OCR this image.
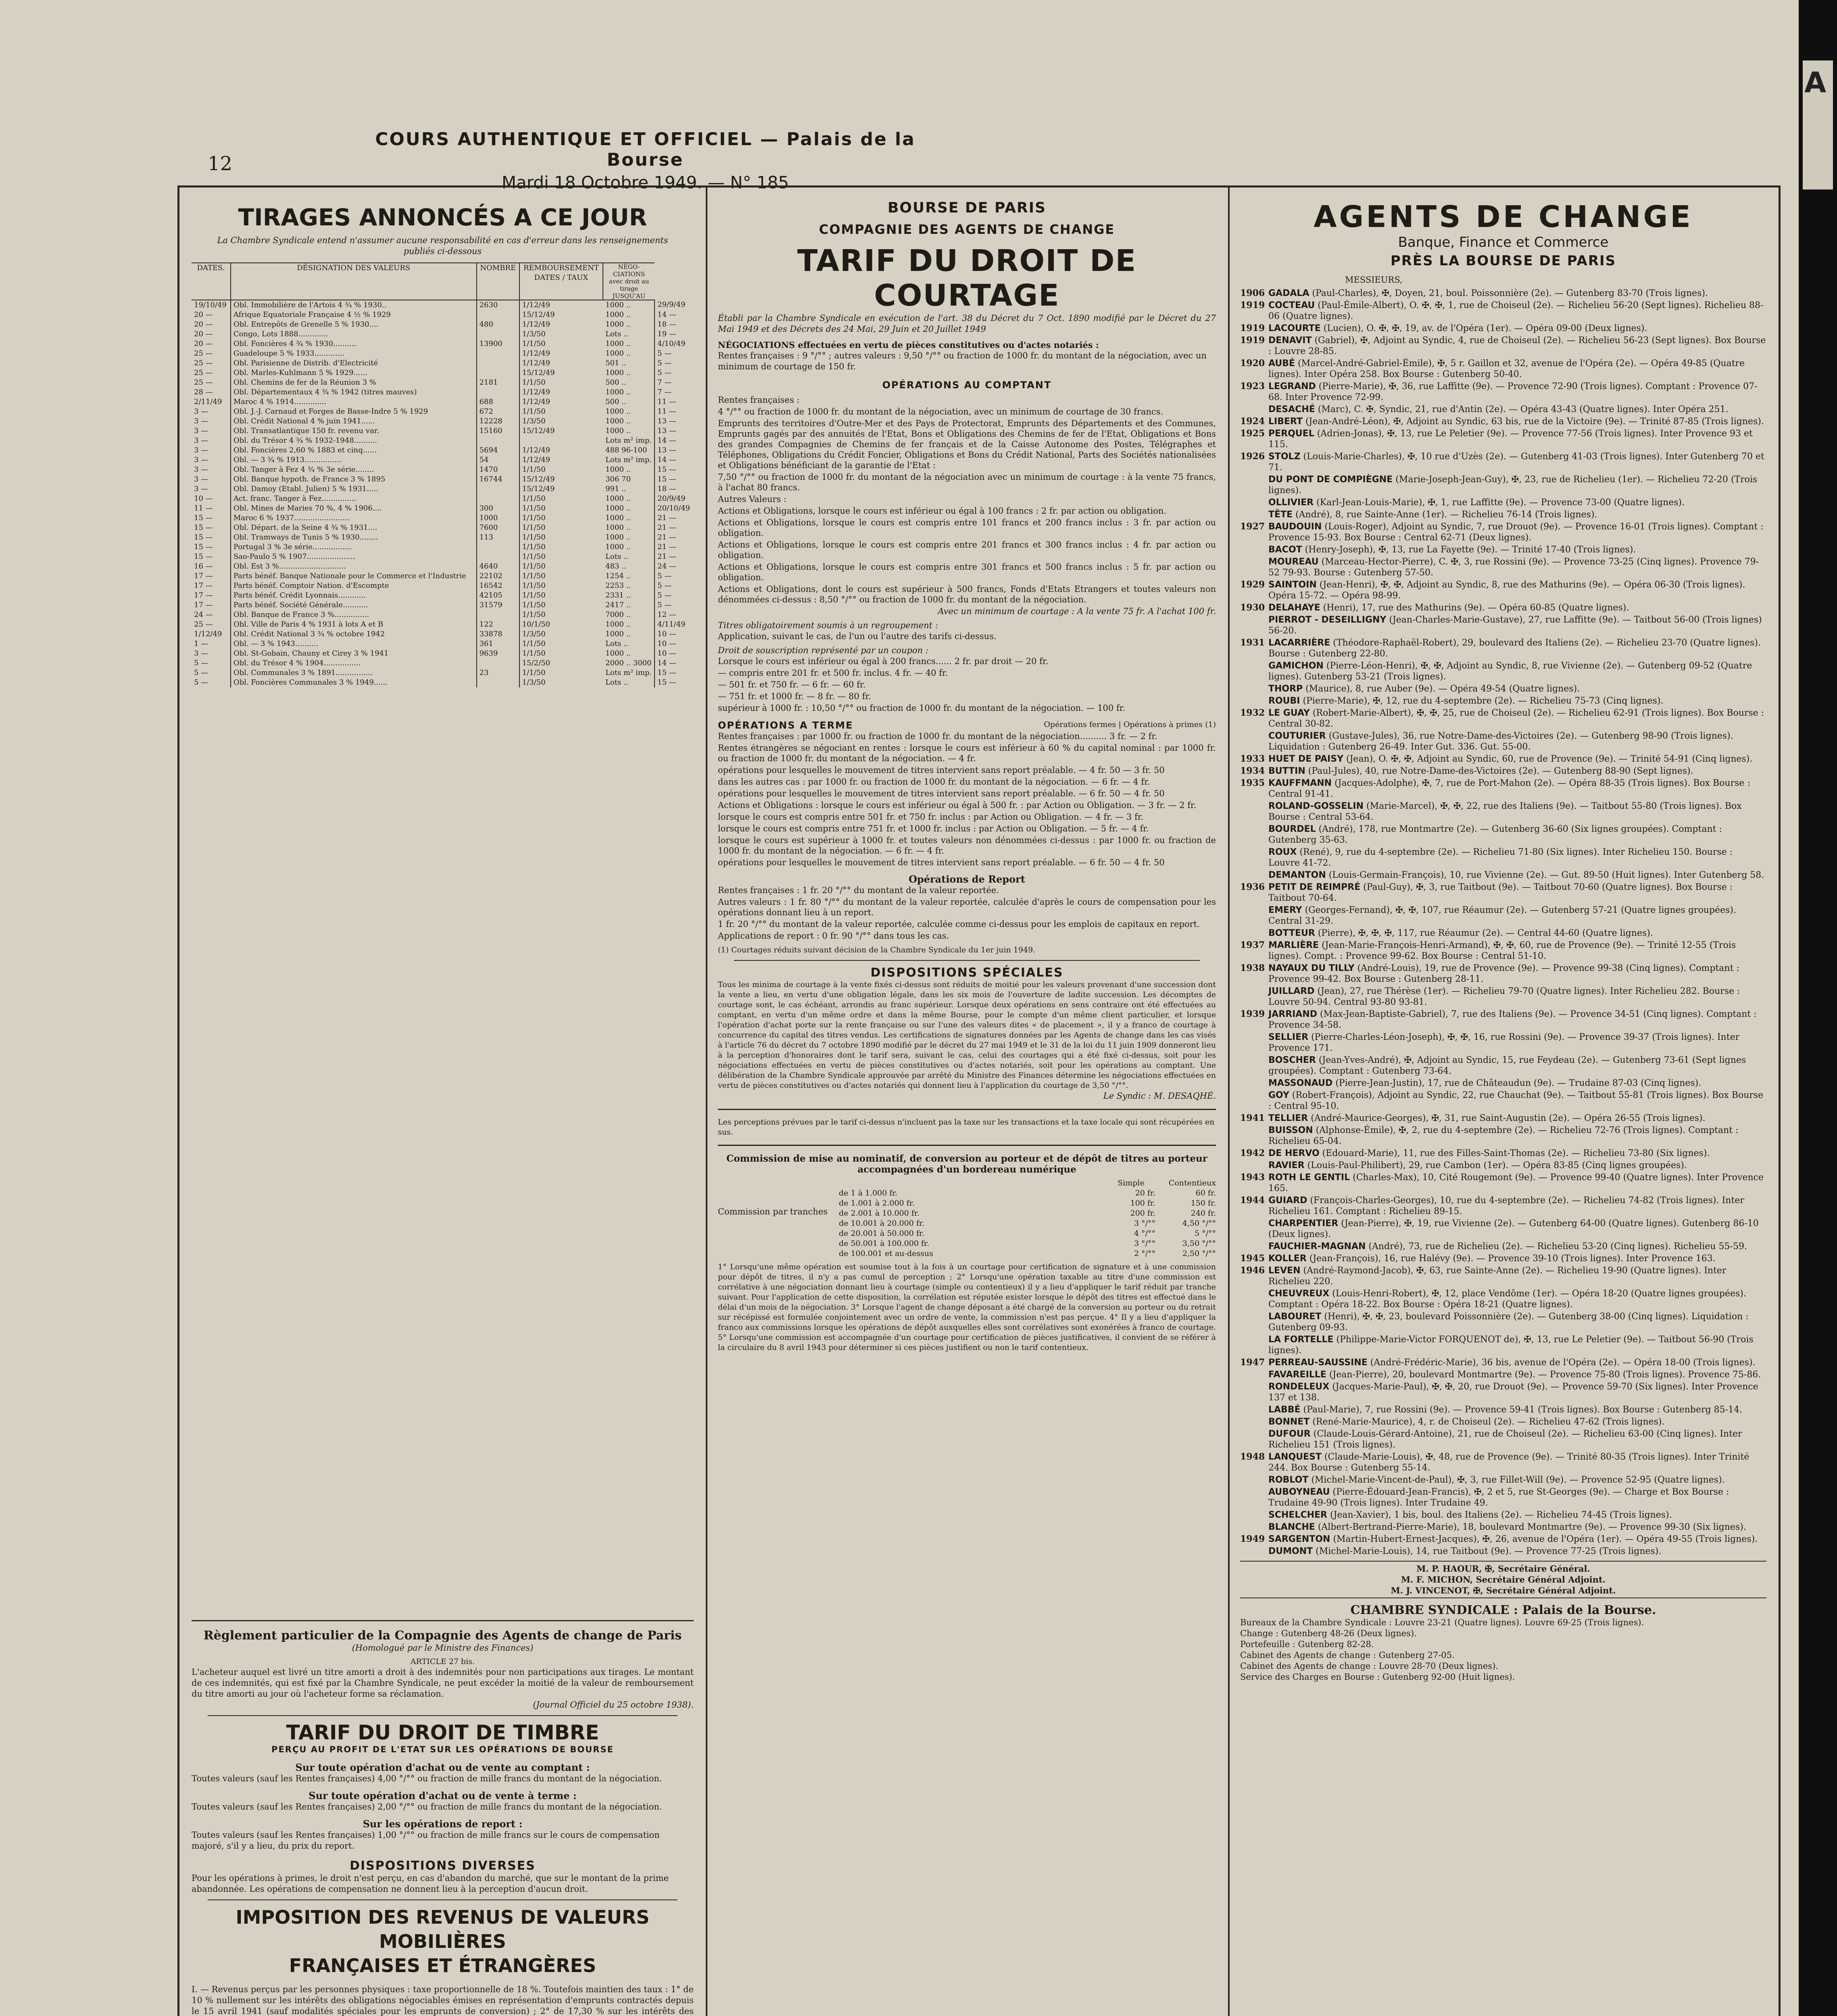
12
COURS AUTHENTIQUE ET OFFICIEL — Palais de la Bourse
Mardi 18 Octobre 1949. — N° 185
TIRAGES ANNONCÉS A CE JOUR
La Chambre Syndicale entend n'assumer aucune responsabilité en cas d'erreur dans les renseignements publiés ci-dessous
DATES.	DÉSIGNATION DES VALEURS	NOMBRE	REMBOURSEMENT
DATES / TAUX	NÉGO-CIATIONS avec droit au tirage JUSQU'AU	
19/10/49	Obl. Immobilière de l'Artois 4 ¾ % 1930..	2630	1/12/49	1000 ..	29/9/49
20 —	Afrique Equatoriale Française 4 ½ % 1929		15/12/49	1000 ..	14 —
20 —	Obl. Entrepôts de Grenelle 5 % 1930....	480	1/12/49	1000 ..	18 —
20 —	Congo, Lots 1888.............		1/3/50	Lots ..	19 —
20 —	Obl. Foncières 4 ¾ % 1930..........	13900	1/1/50	1000 ..	4/10/49
25 —	Guadeloupe 5 % 1933.............		1/12/49	1000 ..	5 —
25 —	Obl. Parisienne de Distrib. d'Electricité		1/12/49	501 ..	5 —
25 —	Obl. Marles-Kuhlmann 5 % 1929......		15/12/49	1000 ..	5 —
25 —	Obl. Chemins de fer de la Réunion 3 %	2181	1/1/50	500 ..	7 —
28 —	Obl. Départementaux 4 ¾ % 1942 (titres mauves)		1/12/49	1000 ..	7 —
2/11/49	Maroc 4 % 1914..............	688	1/12/49	500 ..	11 —
3 —	Obl. J.-J. Carnaud et Forges de Basse-Indre 5 % 1929	672	1/1/50	1000 ..	11 —
3 —	Obl. Crédit National 4 % juin 1941......	12228	1/3/50	1000 ..	13 —
3 —	Obl. Transatlantique 150 fr. revenu var.	15160	15/12/49	1000 ..	13 —
3 —	Obl. du Trésor 4 ¾ % 1932-1948..........			Lots m² imp.	14 —
3 —	Obl. Foncières 2,60 % 1883 et cinq......	5694	1/12/49	488 96-100	13 —
3 —	Obl. — 3 ¾ % 1913................	54	1/12/49	Lots m² imp.	14 —
3 —	Obl. Tanger à Fez 4 ¾ % 3e série........	1470	1/1/50	1000 ..	15 —
3 —	Obl. Banque hypoth. de France 3 % 1895	16744	15/12/49	306 70	15 —
3 —	Obl. Damoy (Etabl. Julien) 5 % 1931.....		15/12/49	991 ..	18 —
10 —	Act. franc. Tanger à Fez...............		1/1/50	1000 ..	20/9/49
11 —	Obl. Mines de Maries 70 %, 4 % 1906....	300	1/1/50	1000 ..	20/10/49
15 —	Maroc 6 % 1937........................	1000	1/1/50	1000 ..	21 —
15 —	Obl. Départ. de la Seine 4 ¾ % 1931....	7600	1/1/50	1000 ..	21 —
15 —	Obl. Tramways de Tunis 5 % 1930........	113	1/1/50	1000 ..	21 —
15 —	Portugal 3 % 3e série.................		1/1/50	1000 ..	21 —
15 —	Sao-Paulo 5 % 1907.....................		1/1/50	Lots ..	21 —
16 —	Obl. Est 3 %.............................	4640	1/1/50	483 ..	24 —
17 —	Parts bénéf. Banque Nationale pour le Commerce et l'Industrie	22102	1/1/50	1254 ..	5 —
17 —	Parts bénéf. Comptoir Nation. d'Escompte	16542	1/1/50	2253 ..	5 —
17 —	Parts bénéf. Crédit Lyonnais............	42105	1/1/50	2331 ..	5 —
17 —	Parts bénéf. Société Générale...........	31579	1/1/50	2417 ..	5 —
24 —	Obl. Banque de France 3 %...............		1/1/50	7000 ..	12 —
25 —	Obl. Ville de Paris 4 % 1931 à lots A et B	122	10/1/50	1000 ..	4/11/49
1/12/49	Obl. Crédit National 3 ¾ % octobre 1942	33878	1/3/50	1000 ..	10 —
1 —	Obl. — 3 % 1943..........	361	1/1/50	Lots ..	10 —
3 —	Obl. St-Gobain, Chauny et Cirey 3 % 1941	9639	1/1/50	1000 ..	10 —
5 —	Obl. du Trésor 4 % 1904................		15/2/50	2000 .. 3000	14 —
5 —	Obl. Communales 3 % 1891................	23	1/1/50	Lots m² imp.	15 —
5 —	Obl. Foncières Communales 3 % 1949......		1/3/50	Lots ..	15 —
Règlement particulier de la Compagnie des Agents de change de Paris
(Homologué par le Ministre des Finances)
ARTICLE 27 bis.
L'acheteur auquel est livré un titre amorti a droit à des indemnités pour non participations aux tirages. Le montant de ces indemnités, qui est fixé par la Chambre Syndicale, ne peut excéder la moitié de la valeur de remboursement du titre amorti au jour où l'acheteur forme sa réclamation.
(Journal Officiel du 25 octobre 1938).
TARIF DU DROIT DE TIMBRE
PERÇU AU PROFIT DE L'ETAT SUR LES OPÉRATIONS DE BOURSE
Sur toute opération d'achat ou de vente au comptant :
Toutes valeurs (sauf les Rentes françaises) 4,00 °/°° ou fraction de mille francs du montant de la négociation.
Sur toute opération d'achat ou de vente à terme :
Toutes valeurs (sauf les Rentes françaises) 2,00 °/°° ou fraction de mille francs du montant de la négociation.
Sur les opérations de report :
Toutes valeurs (sauf les Rentes françaises) 1,00 °/°° ou fraction de mille francs sur le cours de compensation majoré, s'il y a lieu, du prix du report.
DISPOSITIONS DIVERSES
Pour les opérations à primes, le droit n'est perçu, en cas d'abandon du marché, que sur le montant de la prime abandonnée. Les opérations de compensation ne donnent lieu à la perception d'aucun droit.
IMPOSITION DES REVENUS DE VALEURS MOBILIÈRES
FRANÇAISES ET ÉTRANGÈRES
I. — Revenus perçus par les personnes physiques : taxe proportionnelle de 18 %. Toutefois maintien des taux : 1° de 10 % nullement sur les intérêts des obligations négociables émises en représentation d'emprunts contractés depuis le 15 avril 1941 (sauf modalités spéciales pour les emprunts de conversion) ; 2° de 17,30 % sur les intérêts des
BOURSE DE PARIS
COMPAGNIE DES AGENTS DE CHANGE
TARIF DU DROIT DE COURTAGE
Établi par la Chambre Syndicale en exécution de l'art. 38 du Décret du 7 Oct. 1890 modifié par le Décret du 27 Mai 1949 et des Décrets des 24 Mai, 29 Juin et 20 Juillet 1949
NÉGOCIATIONS effectuées en vertu de pièces constitutives ou d'actes notariés :
Rentes françaises : 9 °/°° ; autres valeurs : 9,50 °/°° ou fraction de 1000 fr. du montant de la négociation, avec un minimum de courtage de 150 fr.
OPÉRATIONS AU COMPTANT
Rentes françaises :
4 °/°° ou fraction de 1000 fr. du montant de la négociation, avec un minimum de courtage de 30 francs.
Emprunts des territoires d'Outre-Mer et des Pays de Protectorat, Emprunts des Départements et des Communes, Emprunts gagés par des annuités de l'Etat, Bons et Obligations des Chemins de fer de l'Etat, Obligations et Bons des grandes Compagnies de Chemins de fer français et de la Caisse Autonome des Postes, Télégraphes et Téléphones, Obligations du Crédit Foncier, Obligations et Bons du Crédit National, Parts des Sociétés nationalisées et Obligations bénéficiant de la garantie de l'Etat :
7,50 °/°° ou fraction de 1000 fr. du montant de la négociation avec un minimum de courtage : à la vente 75 francs, à l'achat 80 francs.
Autres Valeurs :
Actions et Obligations, lorsque le cours est inférieur ou égal à 100 francs : 2 fr. par action ou obligation.
Actions et Obligations, lorsque le cours est compris entre 101 francs et 200 francs inclus : 3 fr. par action ou obligation.
Actions et Obligations, lorsque le cours est compris entre 201 francs et 300 francs inclus : 4 fr. par action ou obligation.
Actions et Obligations, lorsque le cours est compris entre 301 francs et 500 francs inclus : 5 fr. par action ou obligation.
Actions et Obligations, dont le cours est supérieur à 500 francs, Fonds d'Etats Etrangers et toutes valeurs non dénommées ci-dessus : 8,50 °/°° ou fraction de 1000 fr. du montant de la négociation.
Avec un minimum de courtage : A la vente 75 fr. A l'achat 100 fr.
Titres obligatoirement soumis à un regroupement :
Application, suivant le cas, de l'un ou l'autre des tarifs ci-dessus.
Droit de souscription représenté par un coupon :
Lorsque le cours est inférieur ou égal à 200 francs...... 2 fr. par droit — 20 fr.
— compris entre 201 fr. et 500 fr. inclus. 4 fr. — 40 fr.
— 501 fr. et 750 fr. — 6 fr. — 60 fr.
— 751 fr. et 1000 fr. — 8 fr. — 80 fr.
supérieur à 1000 fr. : 10,50 °/°° ou fraction de 1000 fr. du montant de la négociation. — 100 fr.
OPÉRATIONS A TERME	Opérations fermes | Opérations à primes (1)
Rentes françaises : par 1000 fr. ou fraction de 1000 fr. du montant de la négociation.......... 3 fr. — 2 fr.
Rentes étrangères se négociant en rentes : lorsque le cours est inférieur à 60 % du capital nominal : par 1000 fr. ou fraction de 1000 fr. du montant de la négociation. — 4 fr.
opérations pour lesquelles le mouvement de titres intervient sans report préalable. — 4 fr. 50 — 3 fr. 50
dans les autres cas : par 1000 fr. ou fraction de 1000 fr. du montant de la négociation. — 6 fr. — 4 fr.
opérations pour lesquelles le mouvement de titres intervient sans report préalable. — 6 fr. 50 — 4 fr. 50
Actions et Obligations : lorsque le cours est inférieur ou égal à 500 fr. : par Action ou Obligation. — 3 fr. — 2 fr.
lorsque le cours est compris entre 501 fr. et 750 fr. inclus : par Action ou Obligation. — 4 fr. — 3 fr.
lorsque le cours est compris entre 751 fr. et 1000 fr. inclus : par Action ou Obligation. — 5 fr. — 4 fr.
lorsque le cours est supérieur à 1000 fr. et toutes valeurs non dénommées ci-dessus : par 1000 fr. ou fraction de 1000 fr. du montant de la négociation. — 6 fr. — 4 fr.
opérations pour lesquelles le mouvement de titres intervient sans report préalable. — 6 fr. 50 — 4 fr. 50
Opérations de Report
Rentes françaises : 1 fr. 20 °/°° du montant de la valeur reportée.
Autres valeurs : 1 fr. 80 °/°° du montant de la valeur reportée, calculée d'après le cours de compensation pour les opérations donnant lieu à un report.
1 fr. 20 °/°° du montant de la valeur reportée, calculée comme ci-dessus pour les emplois de capitaux en report.
Applications de report : 0 fr. 90 °/°° dans tous les cas.
(1) Courtages réduits suivant décision de la Chambre Syndicale du 1er juin 1949.
DISPOSITIONS SPÉCIALES
Tous les minima de courtage à la vente fixés ci-dessus sont réduits de moitié pour les valeurs provenant d'une succession dont la vente a lieu, en vertu d'une obligation légale, dans les six mois de l'ouverture de ladite succession. Les décomptes de courtage sont, le cas échéant, arrondis au franc supérieur. Lorsque deux opérations en sens contraire ont été effectuées au comptant, en vertu d'un même ordre et dans la même Bourse, pour le compte d'un même client particulier, et lorsque l'opération d'achat porte sur la rente française ou sur l'une des valeurs dites « de placement », il y a franco de courtage à concurrence du capital des titres vendus. Les certifications de signatures données par les Agents de change dans les cas visés à l'article 76 du décret du 7 octobre 1890 modifié par le décret du 27 mai 1949 et le 31 de la loi du 11 juin 1909 donneront lieu à la perception d'honoraires dont le tarif sera, suivant le cas, celui des courtages qui a été fixé ci-dessus, soit pour les négociations effectuées en vertu de pièces constitutives ou d'actes notariés, soit pour les opérations au comptant. Une délibération de la Chambre Syndicale approuvée par arrêté du Ministre des Finances détermine les négociations effectuées en vertu de pièces constitutives ou d'actes notariés qui donnent lieu à l'application du courtage de 3,50 °/°°.
Le Syndic : M. DESAQHÉ.
Les perceptions prévues par le tarif ci-dessus n'incluent pas la taxe sur les transactions et la taxe locale qui sont récupérées en sus.
Commission de mise au nominatif, de conversion au porteur et de dépôt de titres au porteur accompagnées d'un bordereau numérique
Commission par tranches
Simple	Contentieux
de 1 à 1.000 fr.	20 fr.	60 fr.
de 1.001 à 2.000 fr.	100 fr.	150 fr.
de 2.001 à 10.000 fr.	200 fr.	240 fr.
de 10.001 à 20.000 fr.	3 °/°°	4,50 °/°°
de 20.001 à 50.000 fr.	4 °/°°	5 °/°°
de 50.001 à 100.000 fr.	3 °/°°	3,50 °/°°
de 100.001 et au-dessus	2 °/°°	2,50 °/°°
1° Lorsqu'une même opération est soumise tout à la fois à un courtage pour certification de signature et à une commission pour dépôt de titres, il n'y a pas cumul de perception ; 2° Lorsqu'une opération taxable au titre d'une commission est corrélative à une négociation donnant lieu à courtage (simple ou contentieux) il y a lieu d'appliquer le tarif réduit par tranche suivant. Pour l'application de cette disposition, la corrélation est réputée exister lorsque le dépôt des titres est effectué dans le délai d'un mois de la négociation. 3° Lorsque l'agent de change déposant a été chargé de la conversion au porteur ou du retrait sur récépissé est formulée conjointement avec un ordre de vente, la commission n'est pas perçue. 4° Il y a lieu d'appliquer la franco aux commissions lorsque les opérations de dépôt auxquelles elles sont corrélatives sont exonérées à franco de courtage. 5° Lorsqu'une commission est accompagnée d'un courtage pour certification de pièces justificatives, il convient de se référer à la circulaire du 8 avril 1943 pour déterminer si ces pièces justifient ou non le tarif contentieux.
AGENTS DE CHANGE
Banque, Finance et Commerce
PRÈS LA BOURSE DE PARIS
MESSIEURS,
1906 GADALA (Paul-Charles), ✠, Doyen, 21, boul. Poissonnière (2e). — Gutenberg 83-70 (Trois lignes).
1919 COCTEAU (Paul-Émile-Albert), O. ✠, ✠, 1, rue de Choiseul (2e). — Richelieu 56-20 (Sept lignes). Richelieu 88-06 (Quatre lignes).
1919 LACOURTE (Lucien), O. ✠, ✠, 19, av. de l'Opéra (1er). — Opéra 09-00 (Deux lignes).
1919 DENAVIT (Gabriel), ✠, Adjoint au Syndic, 4, rue de Choiseul (2e). — Richelieu 56-23 (Sept lignes). Box Bourse : Louvre 28-85.
1920 AUBÉ (Marcel-André-Gabriel-Émile), ✠, 5 r. Gaillon et 32, avenue de l'Opéra (2e). — Opéra 49-85 (Quatre lignes). Inter Opéra 258. Box Bourse : Gutenberg 50-40.
1923 LEGRAND (Pierre-Marie), ✠, 36, rue Laffitte (9e). — Provence 72-90 (Trois lignes). Comptant : Provence 07-68. Inter Provence 72-99.
DESACHÉ (Marc), C. ✠, Syndic, 21, rue d'Antin (2e). — Opéra 43-43 (Quatre lignes). Inter Opéra 251.
1924 LIBERT (Jean-André-Léon), ✠, Adjoint au Syndic, 63 bis, rue de la Victoire (9e). — Trinité 87-85 (Trois lignes).
1925 PERQUEL (Adrien-Jonas), ✠, 13, rue Le Peletier (9e). — Provence 77-56 (Trois lignes). Inter Provence 93 et 115.
1926 STOLZ (Louis-Marie-Charles), ✠, 10 rue d'Uzès (2e). — Gutenberg 41-03 (Trois lignes). Inter Gutenberg 70 et 71.
DU PONT DE COMPIÈGNE (Marie-Joseph-Jean-Guy), ✠, 23, rue de Richelieu (1er). — Richelieu 72-20 (Trois lignes).
OLLIVIER (Karl-Jean-Louis-Marie), ✠, 1, rue Laffitte (9e). — Provence 73-00 (Quatre lignes).
TÊTE (André), 8, rue Sainte-Anne (1er). — Richelieu 76-14 (Trois lignes).
1927 BAUDOUIN (Louis-Roger), Adjoint au Syndic, 7, rue Drouot (9e). — Provence 16-01 (Trois lignes). Comptant : Provence 15-93. Box Bourse : Central 62-71 (Deux lignes).
BACOT (Henry-Joseph), ✠, 13, rue La Fayette (9e). — Trinité 17-40 (Trois lignes).
MOUREAU (Marceau-Hector-Pierre), C. ✠, 3, rue Rossini (9e). — Provence 73-25 (Cinq lignes). Provence 79-52 79-93. Bourse : Gutenberg 57-50.
1929 SAINTOIN (Jean-Henri), ✠, ✠, Adjoint au Syndic, 8, rue des Mathurins (9e). — Opéra 06-30 (Trois lignes). Opéra 15-72. — Opéra 98-99.
1930 DELAHAYE (Henri), 17, rue des Mathurins (9e). — Opéra 60-85 (Quatre lignes).
PIERROT - DESEILLIGNY (Jean-Charles-Marie-Gustave), 27, rue Laffitte (9e). — Taitbout 56-00 (Trois lignes) 56-20.
1931 LACARRIÈRE (Théodore-Raphaël-Robert), 29, boulevard des Italiens (2e). — Richelieu 23-70 (Quatre lignes). Bourse : Gutenberg 22-80.
GAMICHON (Pierre-Léon-Henri), ✠, ✠, Adjoint au Syndic, 8, rue Vivienne (2e). — Gutenberg 09-52 (Quatre lignes). Gutenberg 53-21 (Trois lignes).
THORP (Maurice), 8, rue Auber (9e). — Opéra 49-54 (Quatre lignes).
ROUBI (Pierre-Marie), ✠, 12, rue du 4-septembre (2e). — Richelieu 75-73 (Cinq lignes).
1932 LE GUAY (Robert-Marie-Albert), ✠, ✠, 25, rue de Choiseul (2e). — Richelieu 62-91 (Trois lignes). Box Bourse : Central 30-82.
COUTURIER (Gustave-Jules), 36, rue Notre-Dame-des-Victoires (2e). — Gutenberg 98-90 (Trois lignes). Liquidation : Gutenberg 26-49. Inter Gut. 336. Gut. 55-00.
1933 HUET DE PAISY (Jean), O. ✠, ✠, Adjoint au Syndic, 60, rue de Provence (9e). — Trinité 54-91 (Cinq lignes).
1934 BUTTIN (Paul-Jules), 40, rue Notre-Dame-des-Victoires (2e). — Gutenberg 88-90 (Sept lignes).
1935 KAUFFMANN (Jacques-Adolphe), ✠, 7, rue de Port-Mahon (2e). — Opéra 88-35 (Trois lignes). Box Bourse : Central 91-41.
ROLAND-GOSSELIN (Marie-Marcel), ✠, ✠, 22, rue des Italiens (9e). — Taitbout 55-80 (Trois lignes). Box Bourse : Central 53-64.
BOURDEL (André), 178, rue Montmartre (2e). — Gutenberg 36-60 (Six lignes groupées). Comptant : Gutenberg 35-63.
ROUX (René), 9, rue du 4-septembre (2e). — Richelieu 71-80 (Six lignes). Inter Richelieu 150. Bourse : Louvre 41-72.
DEMANTON (Louis-Germain-François), 10, rue Vivienne (2e). — Gut. 89-50 (Huit lignes). Inter Gutenberg 58.
1936 PETIT DE REIMPRÉ (Paul-Guy), ✠, 3, rue Taitbout (9e). — Taitbout 70-60 (Quatre lignes). Box Bourse : Taitbout 70-64.
EMERY (Georges-Fernand), ✠, ✠, 107, rue Réaumur (2e). — Gutenberg 57-21 (Quatre lignes groupées). Central 31-29.
BOTTEUR (Pierre), ✠, ✠, ✠, 117, rue Réaumur (2e). — Central 44-60 (Quatre lignes).
1937 MARLIÈRE (Jean-Marie-François-Henri-Armand), ✠, ✠, 60, rue de Provence (9e). — Trinité 12-55 (Trois lignes). Compt. : Provence 99-62. Box Bourse : Central 51-10.
1938 NAYAUX DU TILLY (André-Louis), 19, rue de Provence (9e). — Provence 99-38 (Cinq lignes). Comptant : Provence 99-42. Box Bourse : Gutenberg 28-11.
JUILLARD (Jean), 27, rue Thérèse (1er). — Richelieu 79-70 (Quatre lignes). Inter Richelieu 282. Bourse : Louvre 50-94. Central 93-80 93-81.
1939 JARRIAND (Max-Jean-Baptiste-Gabriel), 7, rue des Italiens (9e). — Provence 34-51 (Cinq lignes). Comptant : Provence 34-58.
SELLIER (Pierre-Charles-Léon-Joseph), ✠, ✠, 16, rue Rossini (9e). — Provence 39-37 (Trois lignes). Inter Provence 171.
BOSCHER (Jean-Yves-André), ✠, Adjoint au Syndic, 15, rue Feydeau (2e). — Gutenberg 73-61 (Sept lignes groupées). Comptant : Gutenberg 73-64.
MASSONAUD (Pierre-Jean-Justin), 17, rue de Châteaudun (9e). — Trudaine 87-03 (Cinq lignes).
GOY (Robert-François), Adjoint au Syndic, 22, rue Chauchat (9e). — Taitbout 55-81 (Trois lignes). Box Bourse : Central 95-10.
1941 TELLIER (André-Maurice-Georges), ✠, 31, rue Saint-Augustin (2e). — Opéra 26-55 (Trois lignes).
BUISSON (Alphonse-Émile), ✠, 2, rue du 4-septembre (2e). — Richelieu 72-76 (Trois lignes). Comptant : Richelieu 65-04.
1942 DE HERVO (Edouard-Marie), 11, rue des Filles-Saint-Thomas (2e). — Richelieu 73-80 (Six lignes).
RAVIER (Louis-Paul-Philibert), 29, rue Cambon (1er). — Opéra 83-85 (Cinq lignes groupées).
1943 ROTH LE GENTIL (Charles-Max), 10, Cité Rougemont (9e). — Provence 99-40 (Quatre lignes). Inter Provence 165.
1944 GUIARD (François-Charles-Georges), 10, rue du 4-septembre (2e). — Richelieu 74-82 (Trois lignes). Inter Richelieu 161. Comptant : Richelieu 89-15.
CHARPENTIER (Jean-Pierre), ✠, 19, rue Vivienne (2e). — Gutenberg 64-00 (Quatre lignes). Gutenberg 86-10 (Deux lignes).
FAUCHIER-MAGNAN (André), 73, rue de Richelieu (2e). — Richelieu 53-20 (Cinq lignes). Richelieu 55-59.
1945 KOLLER (Jean-François), 16, rue Halévy (9e). — Provence 39-10 (Trois lignes). Inter Provence 163.
1946 LEVEN (André-Raymond-Jacob), ✠, 63, rue Sainte-Anne (2e). — Richelieu 19-90 (Quatre lignes). Inter Richelieu 220.
CHEUVREUX (Louis-Henri-Robert), ✠, 12, place Vendôme (1er). — Opéra 18-20 (Quatre lignes groupées). Comptant : Opéra 18-22. Box Bourse : Opéra 18-21 (Quatre lignes).
LABOURET (Henri), ✠, ✠, 23, boulevard Poissonnière (2e). — Gutenberg 38-00 (Cinq lignes). Liquidation : Gutenberg 09-93.
LA FORTELLE (Philippe-Marie-Victor FORQUENOT de), ✠, 13, rue Le Peletier (9e). — Taitbout 56-90 (Trois lignes).
1947 PERREAU-SAUSSINE (André-Frédéric-Marie), 36 bis, avenue de l'Opéra (2e). — Opéra 18-00 (Trois lignes).
FAVAREILLE (Jean-Pierre), 20, boulevard Montmartre (9e). — Provence 75-80 (Trois lignes). Provence 75-86.
RONDELEUX (Jacques-Marie-Paul), ✠, ✠, 20, rue Drouot (9e). — Provence 59-70 (Six lignes). Inter Provence 137 et 138.
LABBÉ (Paul-Marie), 7, rue Rossini (9e). — Provence 59-41 (Trois lignes). Box Bourse : Gutenberg 85-14.
BONNET (René-Marie-Maurice), 4, r. de Choiseul (2e). — Richelieu 47-62 (Trois lignes).
DUFOUR (Claude-Louis-Gérard-Antoine), 21, rue de Choiseul (2e). — Richelieu 63-00 (Cinq lignes). Inter Richelieu 151 (Trois lignes).
1948 LANQUEST (Claude-Marie-Louis), ✠, 48, rue de Provence (9e). — Trinité 80-35 (Trois lignes). Inter Trinité 244. Box Bourse : Gutenberg 55-14.
ROBLOT (Michel-Marie-Vincent-de-Paul), ✠, 3, rue Fillet-Will (9e). — Provence 52-95 (Quatre lignes).
AUBOYNEAU (Pierre-Édouard-Jean-Francis), ✠, 2 et 5, rue St-Georges (9e). — Charge et Box Bourse : Trudaine 49-90 (Trois lignes). Inter Trudaine 49.
SCHELCHER (Jean-Xavier), 1 bis, boul. des Italiens (2e). — Richelieu 74-45 (Trois lignes).
BLANCHE (Albert-Bertrand-Pierre-Marie), 18, boulevard Montmartre (9e). — Provence 99-30 (Six lignes).
1949 SARGENTON (Martin-Hubert-Ernest-Jacques), ✠, 26, avenue de l'Opéra (1er). — Opéra 49-55 (Trois lignes).
DUMONT (Michel-Marie-Louis), 14, rue Taitbout (9e). — Provence 77-25 (Trois lignes).
M. P. HAOUR, ✠, Secrétaire Général.
M. F. MICHON, Secrétaire Général Adjoint.
M. J. VINCENOT, ✠, Secrétaire Général Adjoint.
CHAMBRE SYNDICALE : Palais de la Bourse.
Bureaux de la Chambre Syndicale : Louvre 23-21 (Quatre lignes). Louvre 69-25 (Trois lignes).
Change : Gutenberg 48-26 (Deux lignes).
Portefeuille : Gutenberg 82-28.
Cabinet des Agents de change : Gutenberg 27-05.
Cabinet des Agents de change : Louvre 28-70 (Deux lignes).
Service des Charges en Bourse : Gutenberg 92-00 (Huit lignes).
A
